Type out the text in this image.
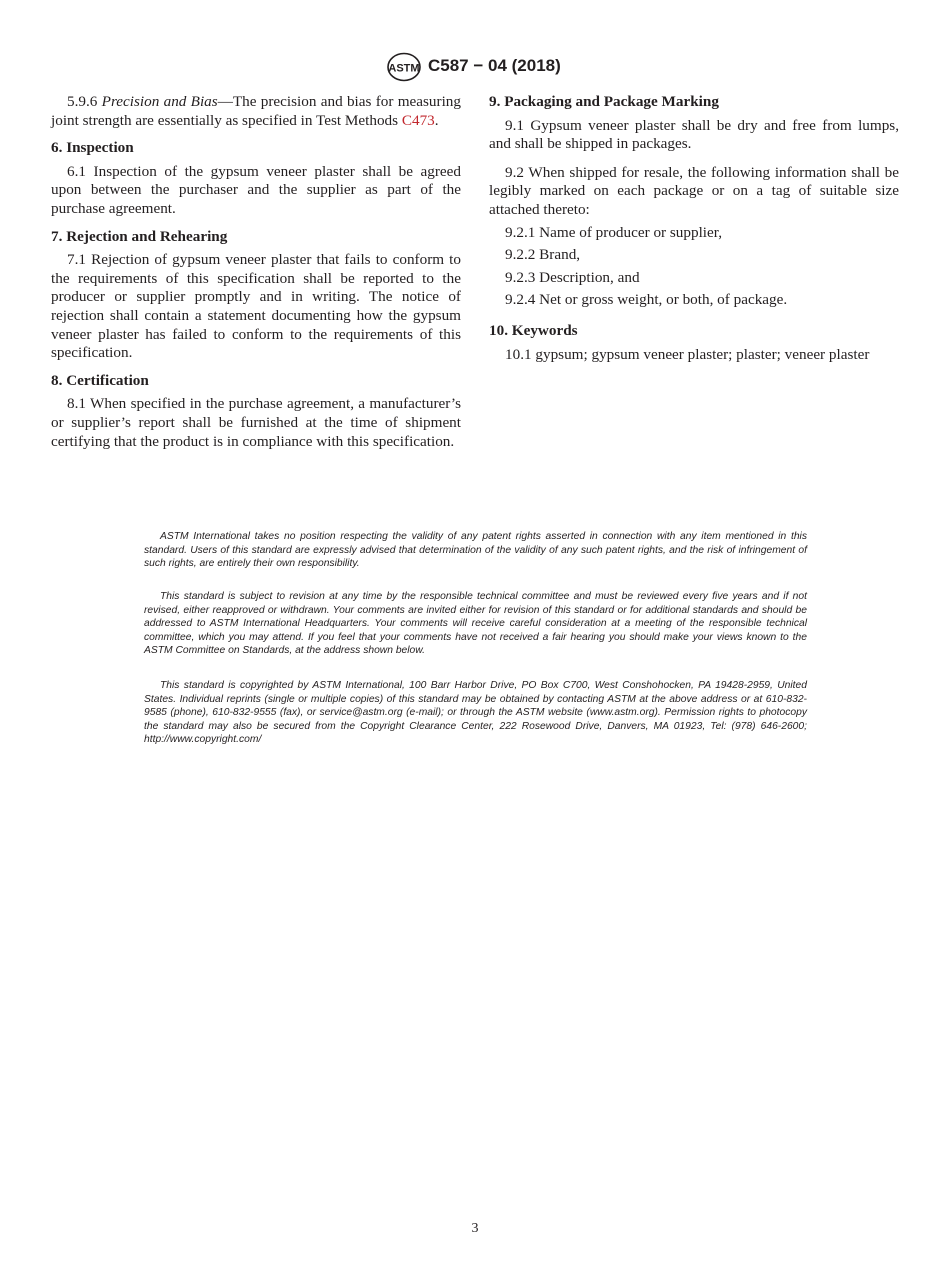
ASTM C587 − 04 (2018)

5.9.6 Precision and Bias—The precision and bias for measuring joint strength are essentially as specified in Test Methods C473.

6. Inspection

6.1 Inspection of the gypsum veneer plaster shall be agreed upon between the purchaser and the supplier as part of the purchase agreement.

7. Rejection and Rehearing

7.1 Rejection of gypsum veneer plaster that fails to conform to the requirements of this specification shall be reported to the producer or supplier promptly and in writing. The notice of rejection shall contain a statement documenting how the gypsum veneer plaster has failed to conform to the requirements of this specification.

8. Certification

8.1 When specified in the purchase agreement, a manufacturer’s or supplier’s report shall be furnished at the time of shipment certifying that the product is in compliance with this specification.

9. Packaging and Package Marking

9.1 Gypsum veneer plaster shall be dry and free from lumps, and shall be shipped in packages.

9.2 When shipped for resale, the following information shall be legibly marked on each package or on a tag of suitable size attached thereto:

9.2.1 Name of producer or supplier,

9.2.2 Brand,

9.2.3 Description, and

9.2.4 Net or gross weight, or both, of package.

10. Keywords

10.1 gypsum; gypsum veneer plaster; plaster; veneer plaster

ASTM International takes no position respecting the validity of any patent rights asserted in connection with any item mentioned in this standard. Users of this standard are expressly advised that determination of the validity of any such patent rights, and the risk of infringement of such rights, are entirely their own responsibility.

This standard is subject to revision at any time by the responsible technical committee and must be reviewed every five years and if not revised, either reapproved or withdrawn. Your comments are invited either for revision of this standard or for additional standards and should be addressed to ASTM International Headquarters. Your comments will receive careful consideration at a meeting of the responsible technical committee, which you may attend. If you feel that your comments have not received a fair hearing you should make your views known to the ASTM Committee on Standards, at the address shown below.

This standard is copyrighted by ASTM International, 100 Barr Harbor Drive, PO Box C700, West Conshohocken, PA 19428-2959, United States. Individual reprints (single or multiple copies) of this standard may be obtained by contacting ASTM at the above address or at 610-832-9585 (phone), 610-832-9555 (fax), or service@astm.org (e-mail); or through the ASTM website (www.astm.org). Permission rights to photocopy the standard may also be secured from the Copyright Clearance Center, 222 Rosewood Drive, Danvers, MA 01923, Tel: (978) 646-2600; http://www.copyright.com/

3
